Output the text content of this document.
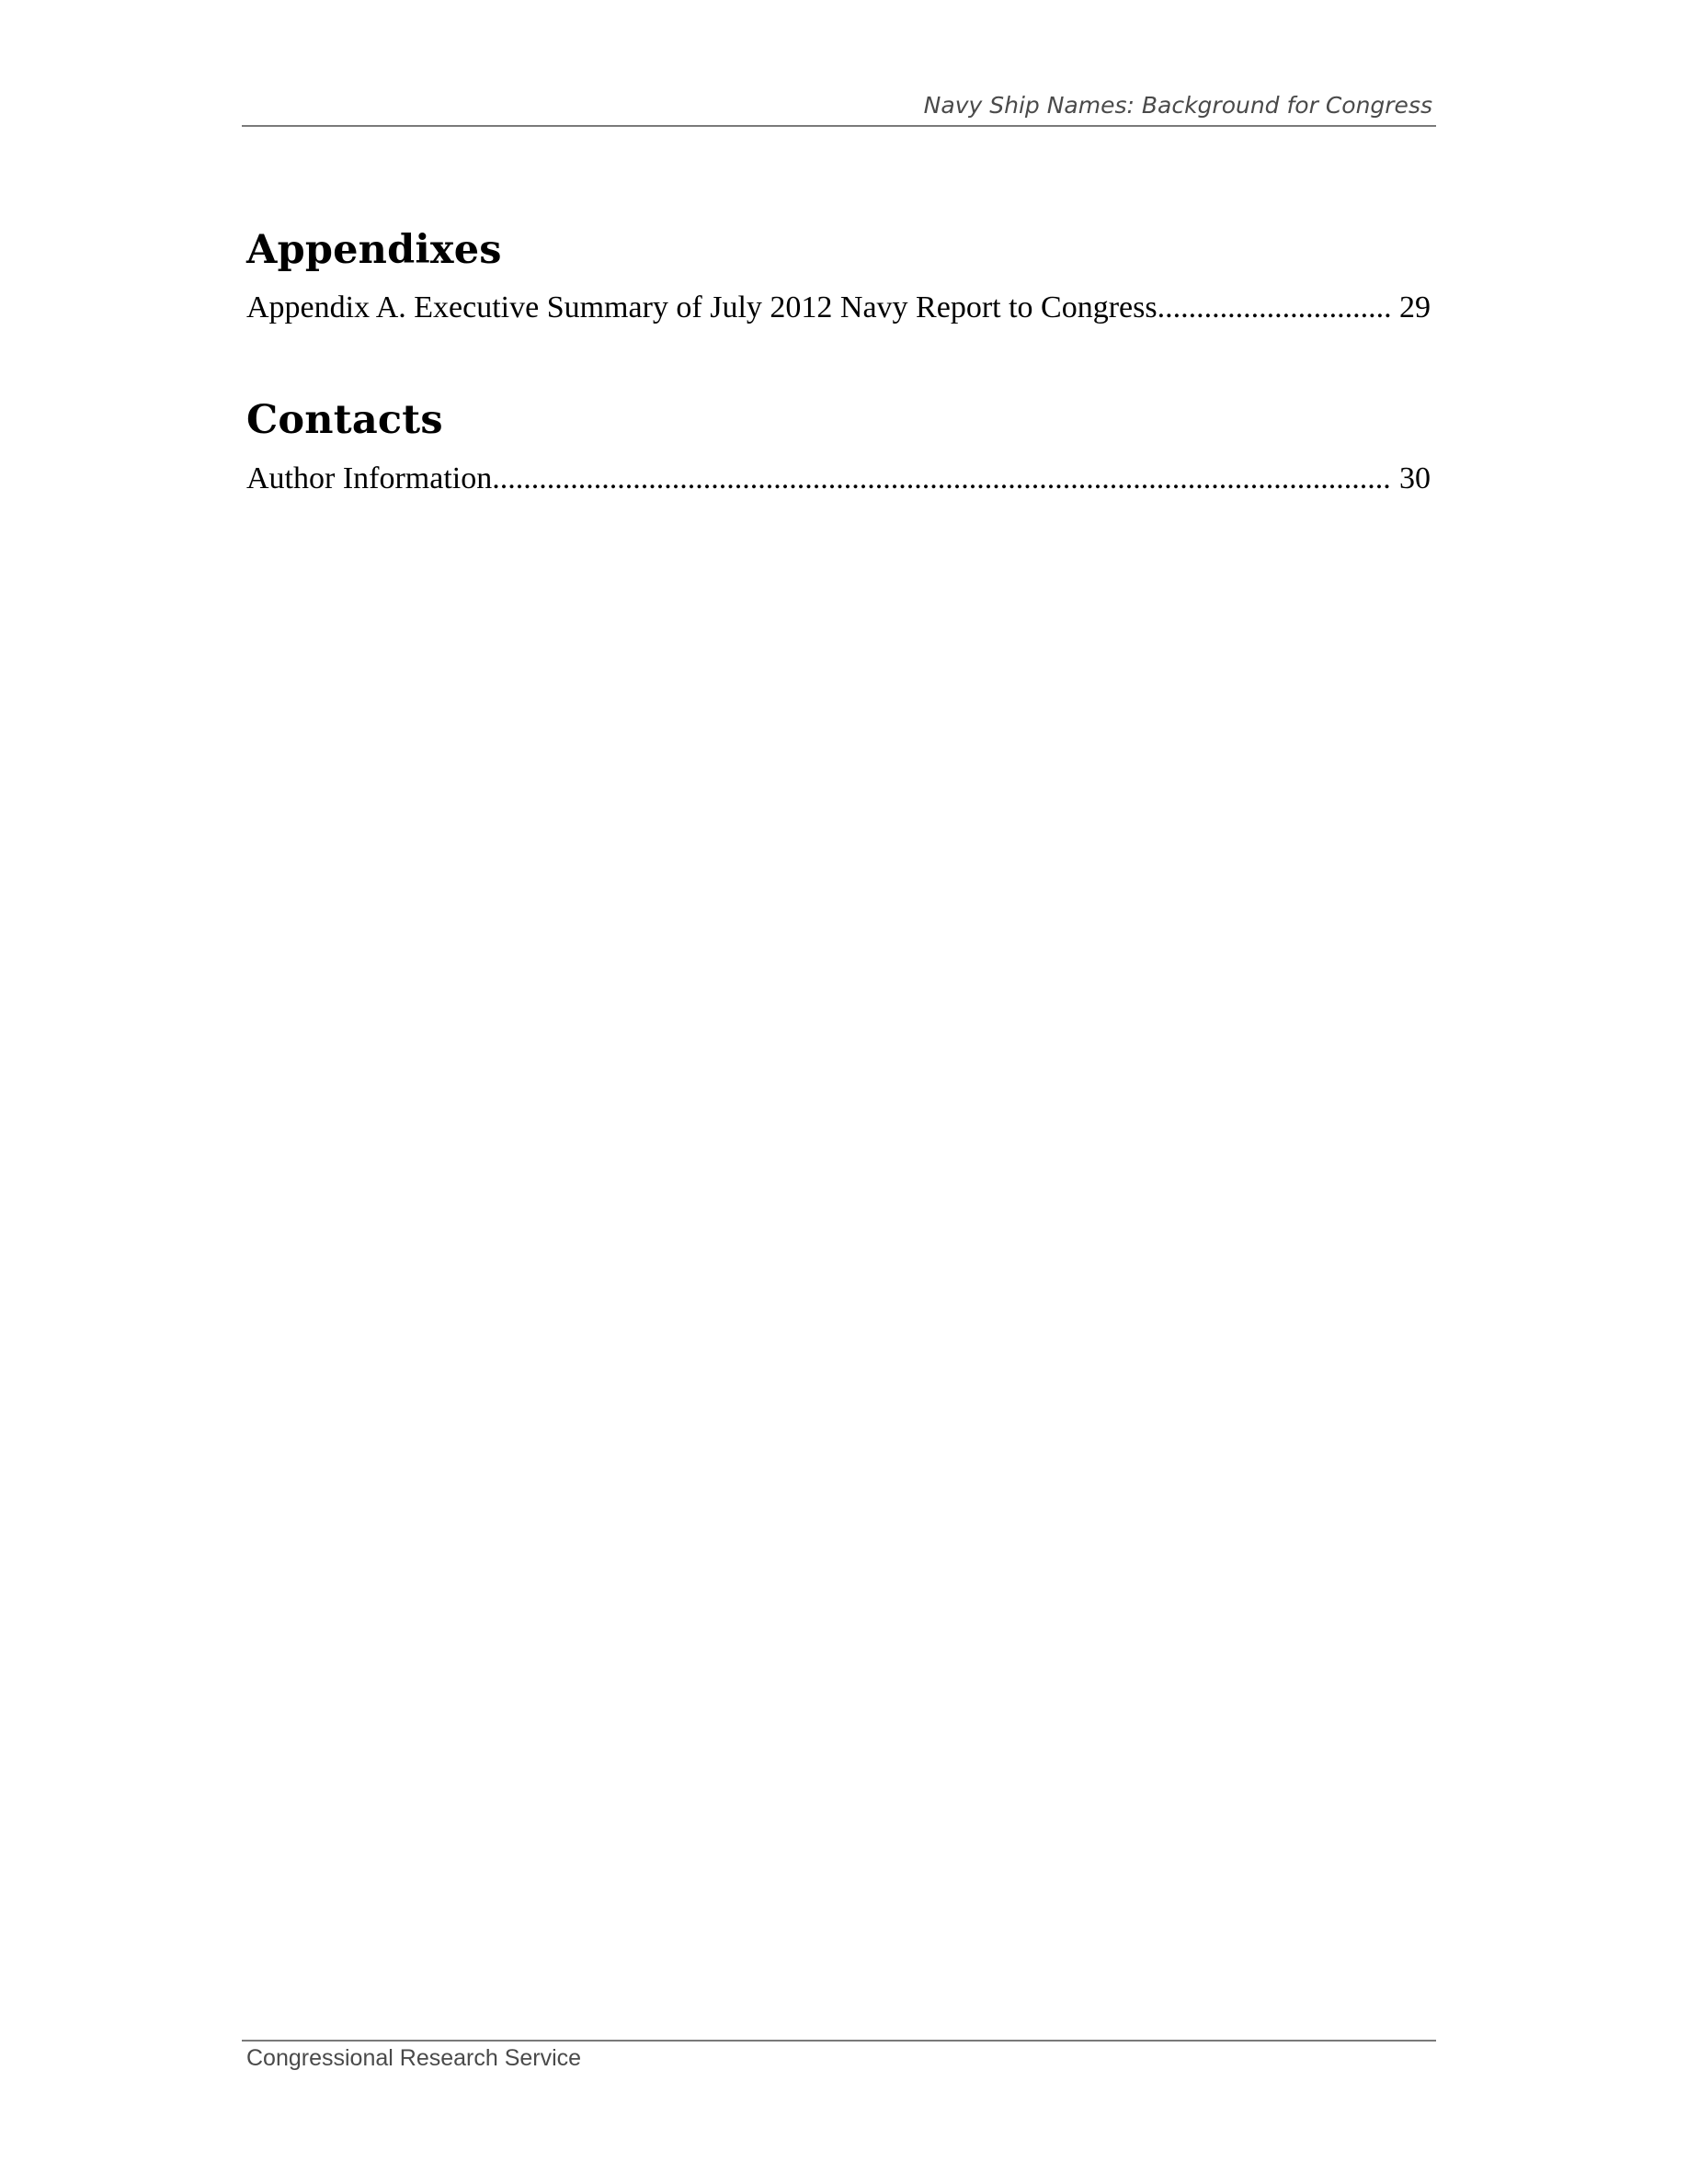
Navy Ship Names: Background for Congress
Appendixes
Appendix A. Executive Summary of July 2012 Navy Report to Congress .....	29
Contacts
Author Information .....	30
Congressional Research Service
